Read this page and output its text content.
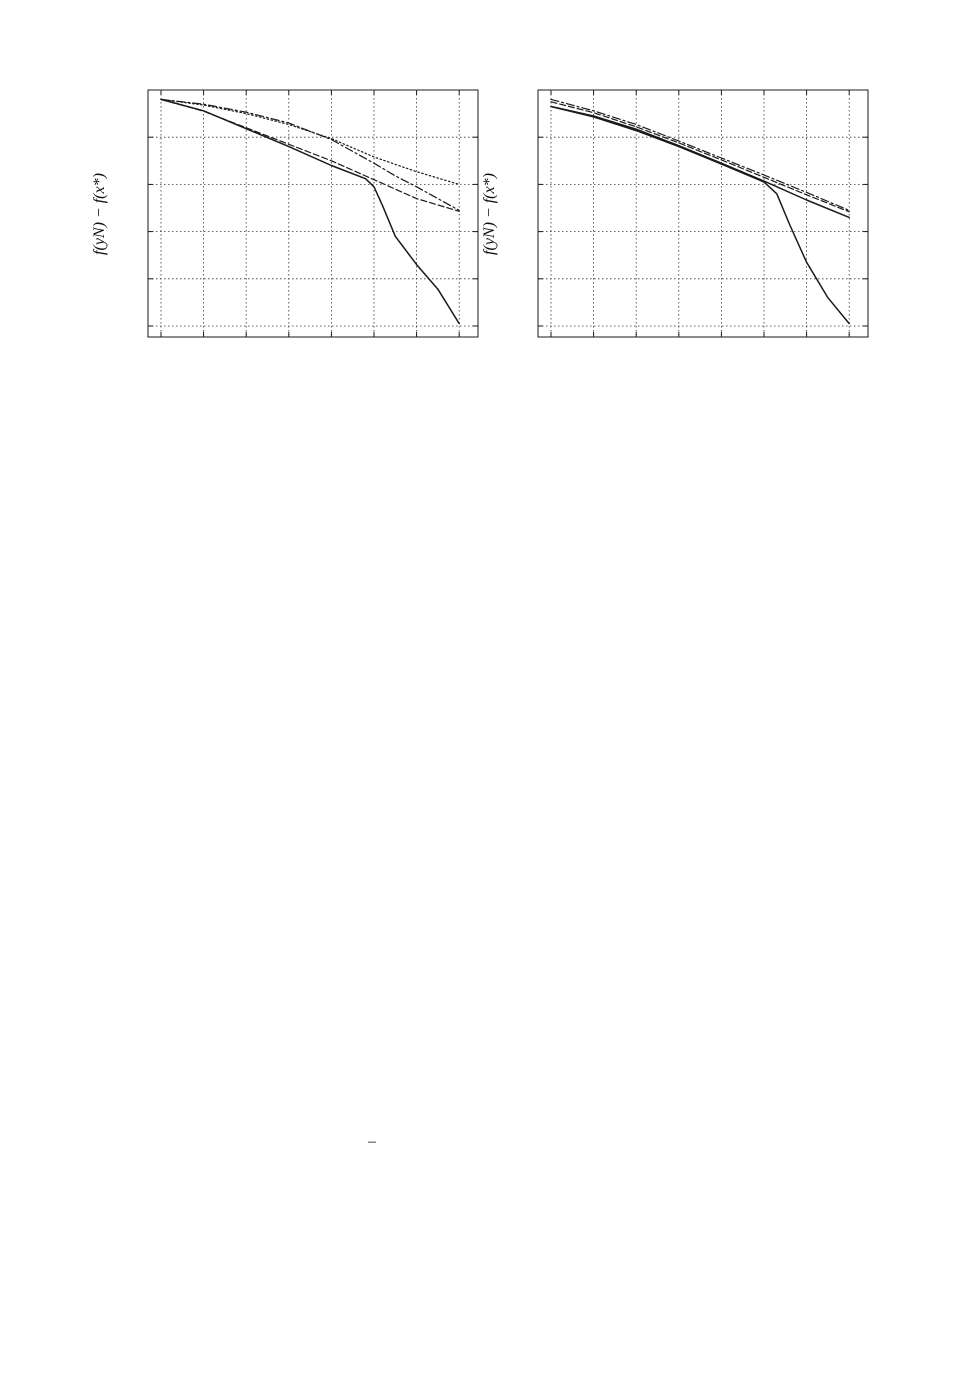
f(yN) − f(x*)	f(yN) − f(x*)
–
